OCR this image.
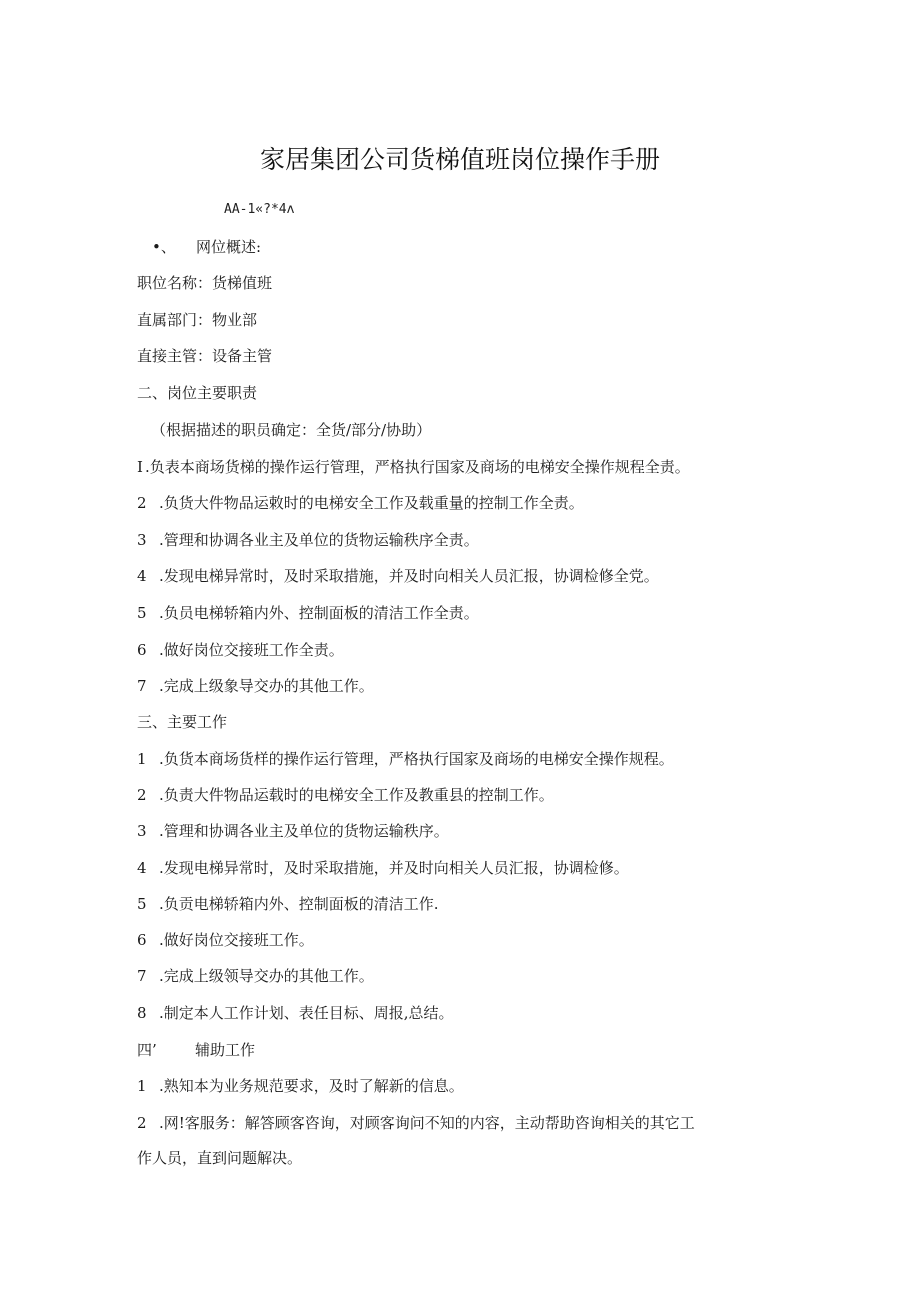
家居集团公司货梯值班岗位操作手册
AA-1«?*4ʌ
•、 网位概述:
职位名称：货梯值班
直属部门：物业部
直接主管：设备主管
二、岗位主要职责
（根据描述的职员确定：全货/部分/协助）
I .负表本商场货梯的操作运行管理，严格执行国家及商场的电梯安全操作规程全责。
2 .负货大件物品运敕时的电梯安全工作及载重量的控制工作全责。
3 .管理和协调各业主及单位的货物运输秩序全责。
4 .发现电梯异常时，及时采取措施，并及时向相关人员汇报，协调检修全党。
5 .负员电梯轿箱内外、控制面板的清洁工作全责。
6 .做好岗位交接班工作全责。
7 .完成上级象导交办的其他工作。
三、主要工作
1 .负货本商场货样的操作运行管理，严格执行国家及商场的电梯安全操作规程。
2 .负责大件物品运载时的电梯安全工作及教重县的控制工作。
3 .管理和协调各业主及单位的货物运输秩序。
4 .发现电梯异常时，及时采取措施，并及时向相关人员汇报，协调检修。
5 .负贡电梯轿箱内外、控制面板的清洁工作.
6 .做好岗位交接班工作。
7 .完成上级领导交办的其他工作。
8 .制定本人工作计划、表任目标、周报,总结。
四’	辅助工作
1 .熟知本为业务规范要求，及时了解新的信息。
2 .网!客服务：解答顾客咨询，对顾客询问不知的内容，主动帮助咨询相关的其它工
作人员，直到问题解决。
